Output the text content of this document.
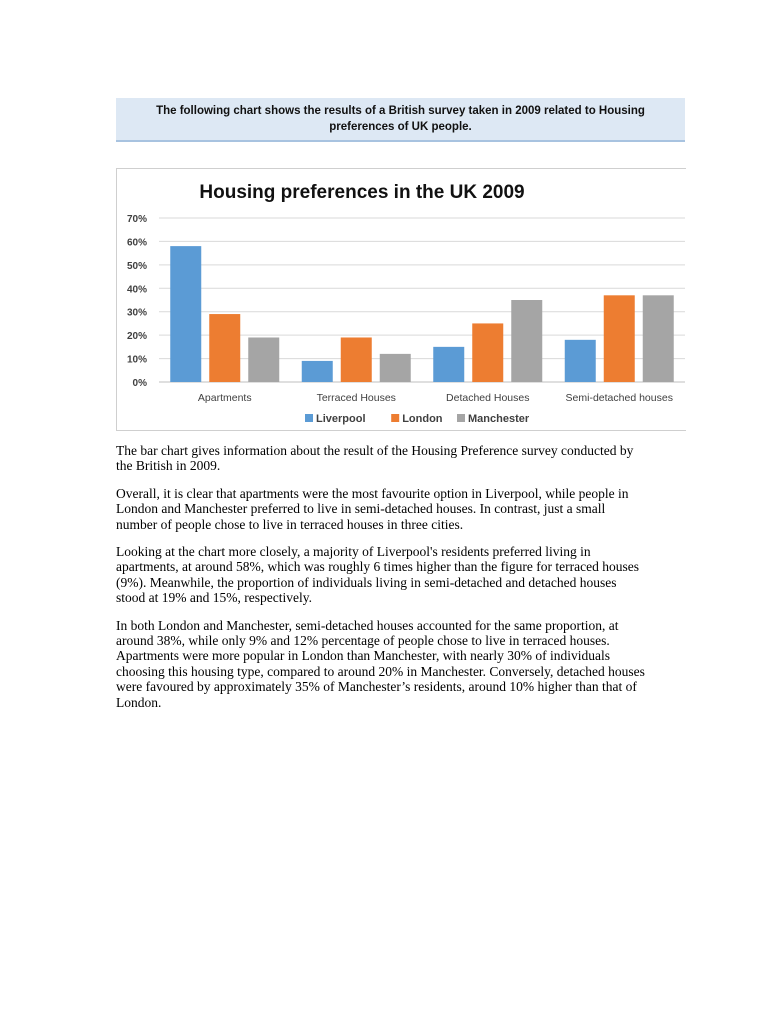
The following chart shows the results of a British survey taken in 2009 related to Housing preferences of UK people.
Housing preferences in the UK 2009
0%
10%
20%
30%
40%
50%
60%
70%
Apartments	Terraced Houses	Detached Houses	Semi-detached houses
Liverpool	London Manchester

The bar chart gives information about the result of the Housing Preference survey conducted by the British in 2009.

Overall, it is clear that apartments were the most favourite option in Liverpool, while people in London and Manchester preferred to live in semi-detached houses. In contrast, just a small number of people chose to live in terraced houses in three cities.

Looking at the chart more closely, a majority of Liverpool's residents preferred living in apartments, at around 58%, which was roughly 6 times higher than the figure for terraced houses (9%). Meanwhile, the proportion of individuals living in semi-detached and detached houses stood at 19% and 15%, respectively.

In both London and Manchester, semi-detached houses accounted for the same proportion, at around 38%, while only 9% and 12% percentage of people chose to live in terraced houses. Apartments were more popular in London than Manchester, with nearly 30% of individuals choosing this housing type, compared to around 20% in Manchester. Conversely, detached houses were favoured by approximately 35% of Manchester’s residents, around 10% higher than that of London.
